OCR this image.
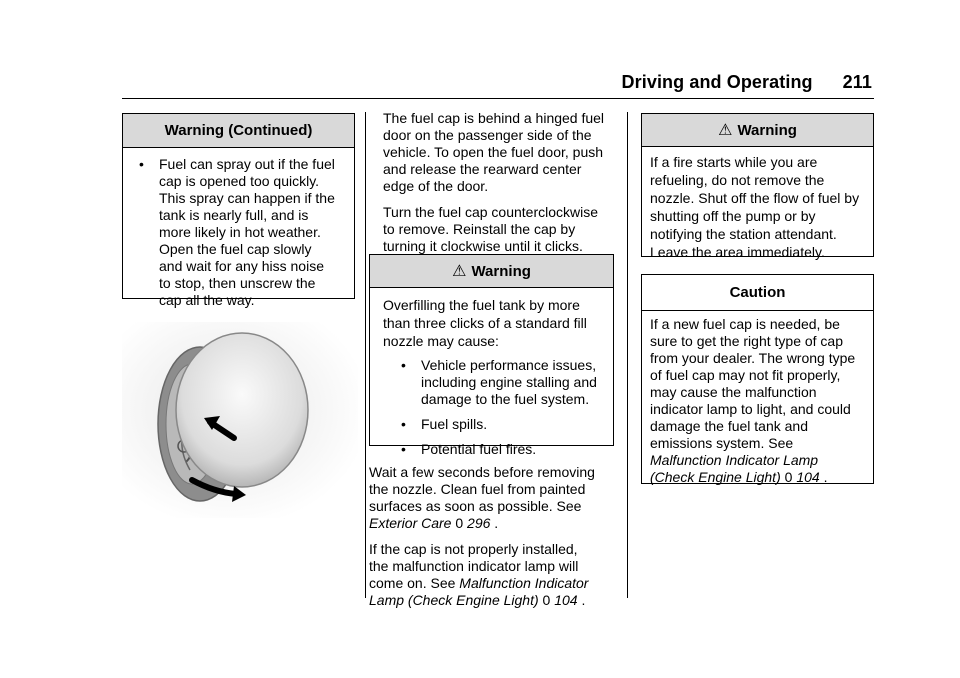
Driving and Operating 211
Warning (Continued)
•	Fuel can spray out if the fuel
cap is opened too quickly.
This spray can happen if the
tank is nearly full, and is
more likely in hot weather.
Open the fuel cap slowly
and wait for any hiss noise
to stop, then unscrew the
cap all the way.

The fuel cap is behind a hinged fuel
door on the passenger side of the
vehicle. To open the fuel door, push
and release the rearward center
edge of the door.

Turn the fuel cap counterclockwise
to remove. Reinstall the cap by
turning it clockwise until it clicks.

⚠ Warning
Overfilling the fuel tank by more
than three clicks of a standard fill
nozzle may cause:
•	Vehicle performance issues,
including engine stalling and
damage to the fuel system.
•	Fuel spills.
•	Potential fuel fires.

Wait a few seconds before removing
the nozzle. Clean fuel from painted
surfaces as soon as possible. See
Exterior Care 0 296 .

If the cap is not properly installed,
the malfunction indicator lamp will
come on. See Malfunction Indicator
Lamp (Check Engine Light) 0 104 .

⚠ Warning
If a fire starts while you are
refueling, do not remove the
nozzle. Shut off the flow of fuel by
shutting off the pump or by
notifying the station attendant.
Leave the area immediately.
Caution
If a new fuel cap is needed, be
sure to get the right type of cap
from your dealer. The wrong type
of fuel cap may not fit properly,
may cause the malfunction
indicator lamp to light, and could
damage the fuel tank and
emissions system. See
Malfunction Indicator Lamp
(Check Engine Light) 0 104 .
